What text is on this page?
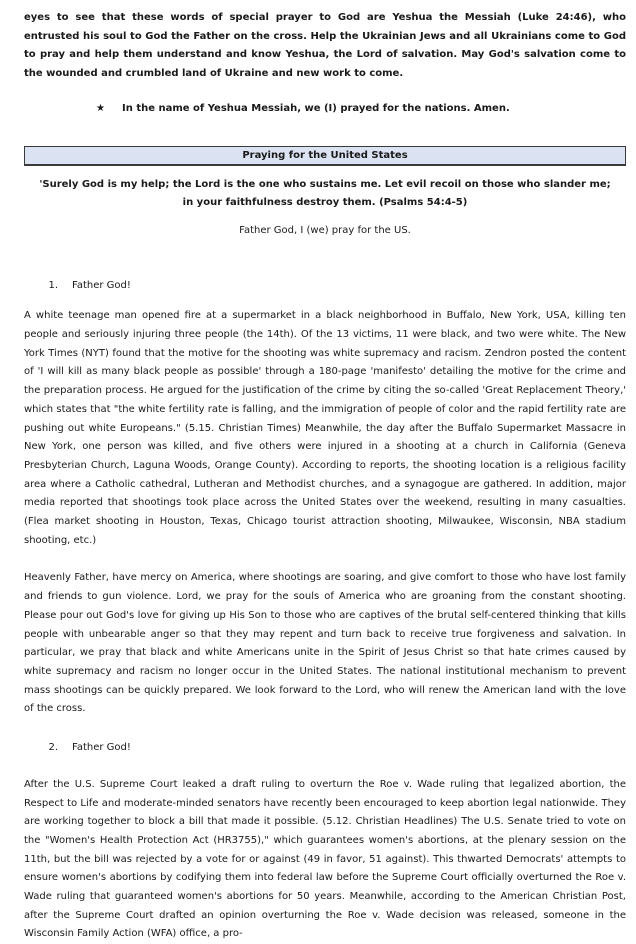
eyes to see that these words of special prayer to God are Yeshua the Messiah (Luke 24:46), who entrusted his soul to God the Father on the cross. Help the Ukrainian Jews and all Ukrainians come to God to pray and help them understand and know Yeshua, the Lord of salvation. May God's salvation come to the wounded and crumbled land of Ukraine and new work to come.

★	In the name of Yeshua Messiah, we (I) prayed for the nations. Amen.
Praying for the United States
'Surely God is my help; the Lord is the one who sustains me. Let evil recoil on those who slander me; in your faithfulness destroy them. (Psalms 54:4-5)
Father God, I (we) pray for the US.
1.	Father God!

A white teenage man opened fire at a supermarket in a black neighborhood in Buffalo, New York, USA, killing ten people and seriously injuring three people (the 14th). Of the 13 victims, 11 were black, and two were white. The New York Times (NYT) found that the motive for the shooting was white supremacy and racism. Zendron posted the content of 'I will kill as many black people as possible' through a 180-page 'manifesto' detailing the motive for the crime and the preparation process. He argued for the justification of the crime by citing the so-called 'Great Replacement Theory,' which states that "the white fertility rate is falling, and the immigration of people of color and the rapid fertility rate are pushing out white Europeans." (5.15. Christian Times) Meanwhile, the day after the Buffalo Supermarket Massacre in New York, one person was killed, and five others were injured in a shooting at a church in California (Geneva Presbyterian Church, Laguna Woods, Orange County). According to reports, the shooting location is a religious facility area where a Catholic cathedral, Lutheran and Methodist churches, and a synagogue are gathered. In addition, major media reported that shootings took place across the United States over the weekend, resulting in many casualties. (Flea market shooting in Houston, Texas, Chicago tourist attraction shooting, Milwaukee, Wisconsin, NBA stadium shooting, etc.)

Heavenly Father, have mercy on America, where shootings are soaring, and give comfort to those who have lost family and friends to gun violence. Lord, we pray for the souls of America who are groaning from the constant shooting. Please pour out God's love for giving up His Son to those who are captives of the brutal self-centered thinking that kills people with unbearable anger so that they may repent and turn back to receive true forgiveness and salvation. In particular, we pray that black and white Americans unite in the Spirit of Jesus Christ so that hate crimes caused by white supremacy and racism no longer occur in the United States. The national institutional mechanism to prevent mass shootings can be quickly prepared. We look forward to the Lord, who will renew the American land with the love of the cross.

2.	Father God!

After the U.S. Supreme Court leaked a draft ruling to overturn the Roe v. Wade ruling that legalized abortion, the Respect to Life and moderate-minded senators have recently been encouraged to keep abortion legal nationwide. They are working together to block a bill that made it possible. (5.12. Christian Headlines) The U.S. Senate tried to vote on the "Women's Health Protection Act (HR3755)," which guarantees women's abortions, at the plenary session on the 11th, but the bill was rejected by a vote for or against (49 in favor, 51 against). This thwarted Democrats' attempts to ensure women's abortions by codifying them into federal law before the Supreme Court officially overturned the Roe v. Wade ruling that guaranteed women's abortions for 50 years. Meanwhile, according to the American Christian Post, after the Supreme Court drafted an opinion overturning the Roe v. Wade decision was released, someone in the Wisconsin Family Action (WFA) office, a pro-
